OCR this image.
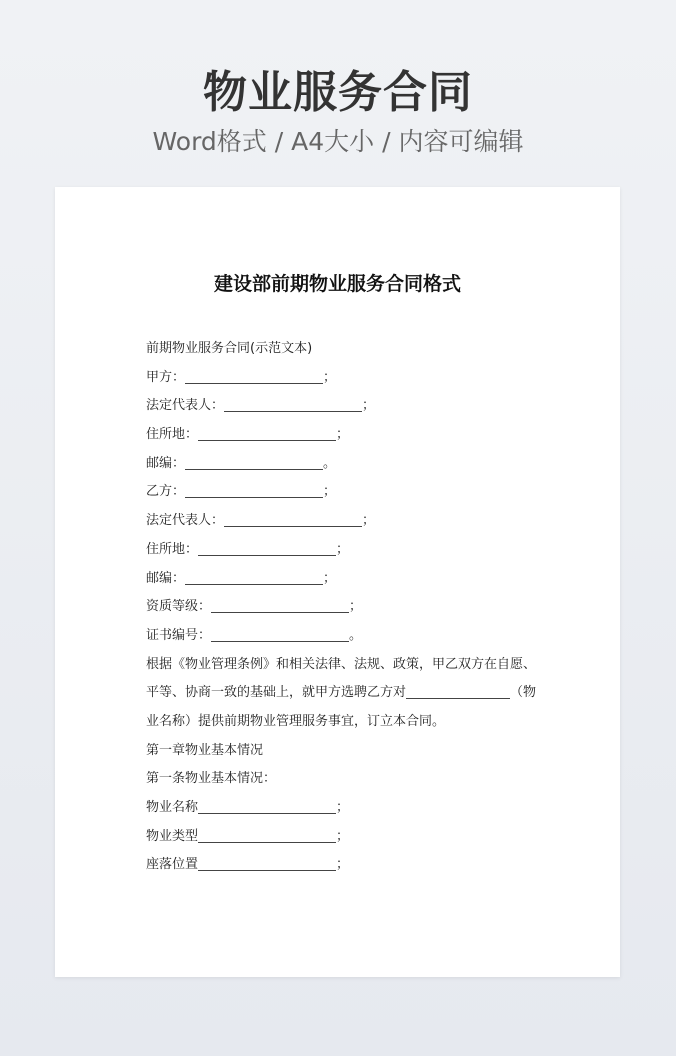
物业服务合同
Word格式 / A4大小 / 内容可编辑
建设部前期物业服务合同格式
前期物业服务合同(示范文本)
甲方：	；
法定代表人：	；
住所地：	；
邮编：	。
乙方：	；
法定代表人：	；
住所地：	；
邮编：	；
资质等级：	；
证书编号：	。
根据《物业管理条例》和相关法律、法规、政策，甲乙双方在自愿、平等、协商一致的基础上，就甲方选聘乙方对	（物业名称）提供前期物业管理服务事宜，订立本合同。
第一章物业基本情况
第一条物业基本情况：
物业名称	；
物业类型	；
座落位置	；
